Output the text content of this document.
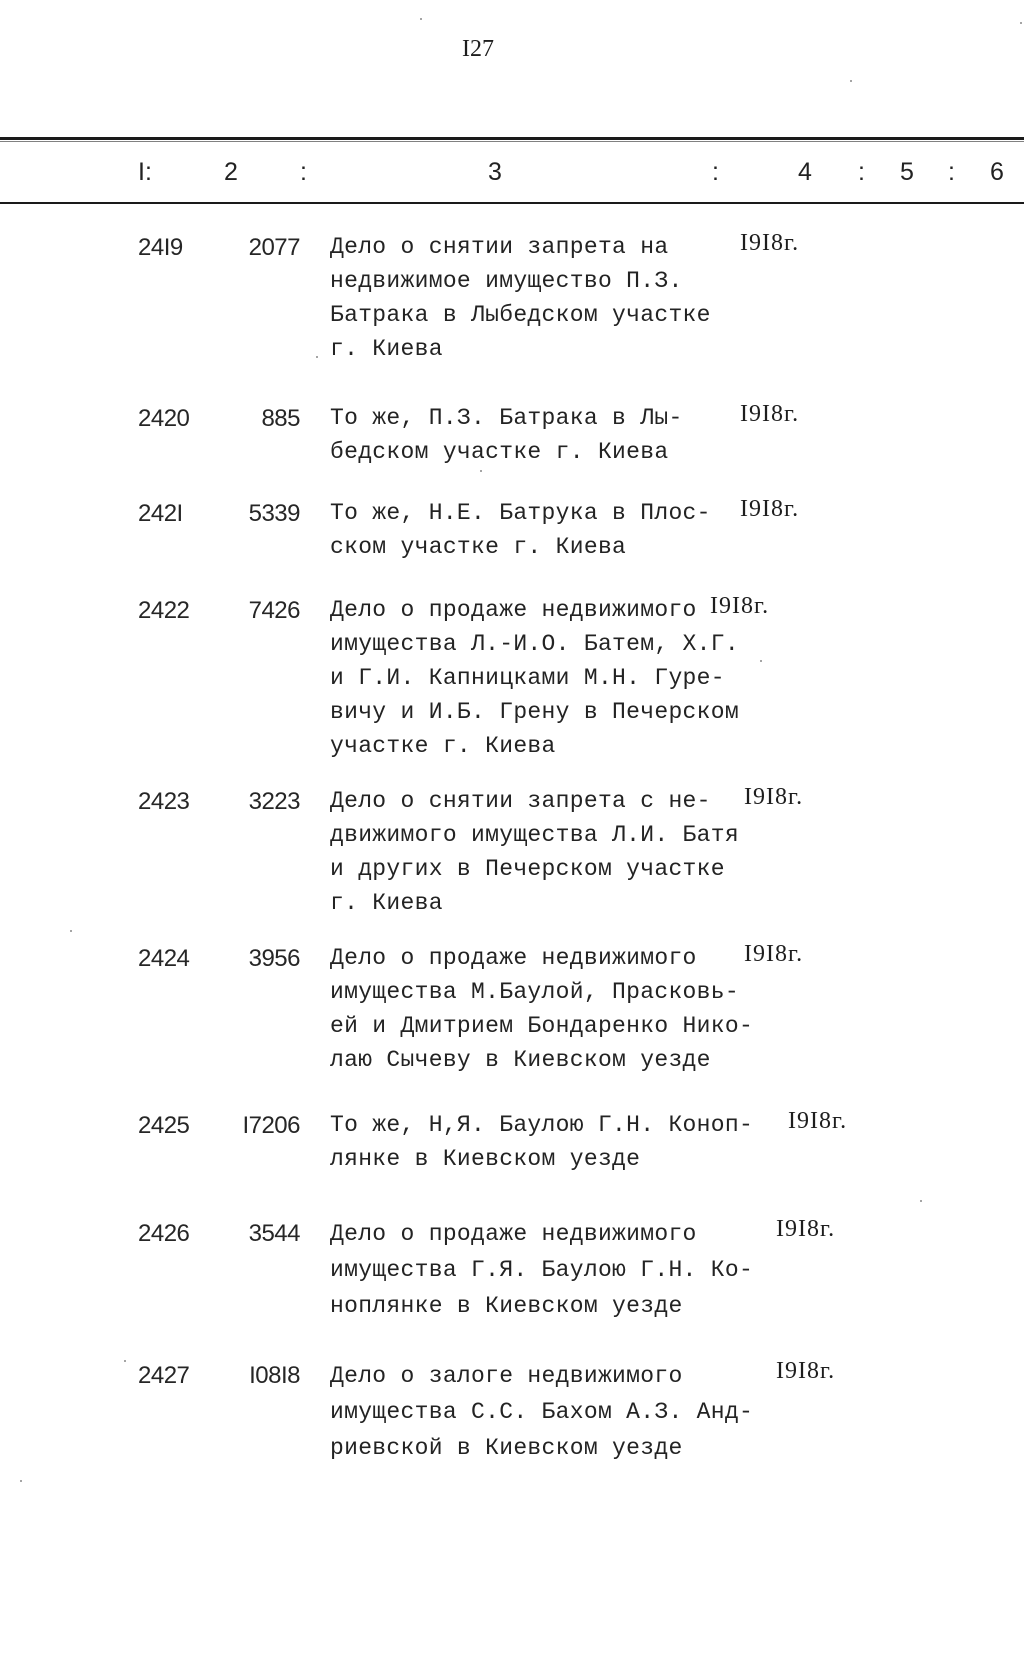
I27
I:	2 :	3	:	4 : 5 : 6
24I9	2077 Дело о снятии запрета на
недвижимое имущество П.З.
Батрака в Лыбедском участке
г. Киева
I9I8г.
2420	885 То же, П.З. Батрака в Лы-
бедском участке г. Киева
I9I8г.
242I	5339 То же, Н.Е. Батрука в Плос-
ском участке г. Киева
I9I8г.
2422 7426 Дело о продаже недвижимого
имущества Л.-И.О. Батем, Х.Г.
и Г.И. Капницками М.Н. Гуре-
вичу и И.Б. Грену в Печерском
участке г. Киева
I9I8г.
2423 3223 Дело о снятии запрета с не-
движимого имущества Л.И. Батя
и других в Печерском участке
г. Киева
I9I8г.
2424 3956 Дело о продаже недвижимого
имущества М.Баулой, Прасковь-
ей и Дмитрием Бондаренко Нико-
лаю Сычеву в Киевском уезде
I9I8г.
2425 I7206 То же, Н,Я. Баулою Г.Н. Коноп-
лянке в Киевском уезде
I9I8г.
2426 3544 Дело о продаже недвижимого
имущества Г.Я. Баулою Г.Н. Ко-
ноплянке в Киевском уезде
I9I8г.
2427 I08I8 Дело о залоге недвижимого
имущества С.С. Бахом А.З. Анд-
риевской в Киевском уезде
I9I8г.
